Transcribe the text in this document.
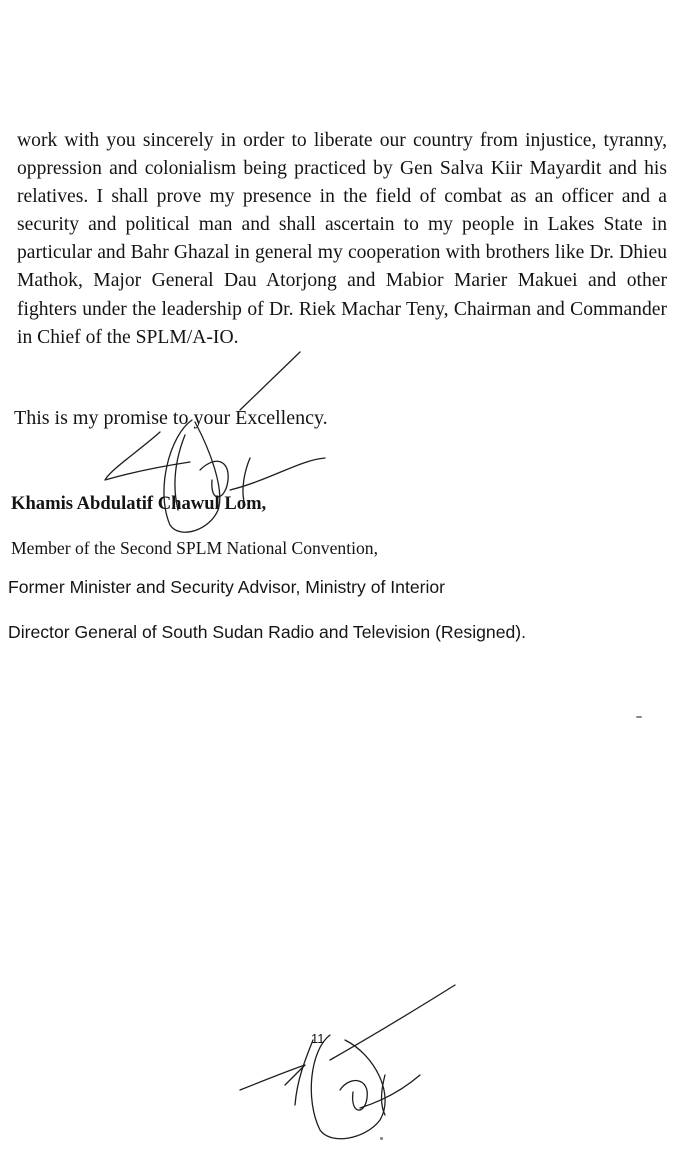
work with you sincerely in order to liberate our country from injustice, tyranny, oppression and colonialism being practiced by Gen Salva Kiir Mayardit and his relatives. I shall prove my presence in the field of combat as an officer and a security and political man and shall ascertain to my people in Lakes State in particular and Bahr Ghazal in general my cooperation with brothers like Dr. Dhieu Mathok, Major General Dau Atorjong and Mabior Marier Makuei and other fighters under the leadership of Dr. Riek Machar Teny, Chairman and Commander in Chief of the SPLM/A-IO.

This is my promise to your Excellency.

Khamis Abdulatif Chawul Lom,

Member of the Second SPLM National Convention,

Former Minister and Security Advisor, Ministry of Interior

Director General of South Sudan Radio and Television (Resigned).

11
